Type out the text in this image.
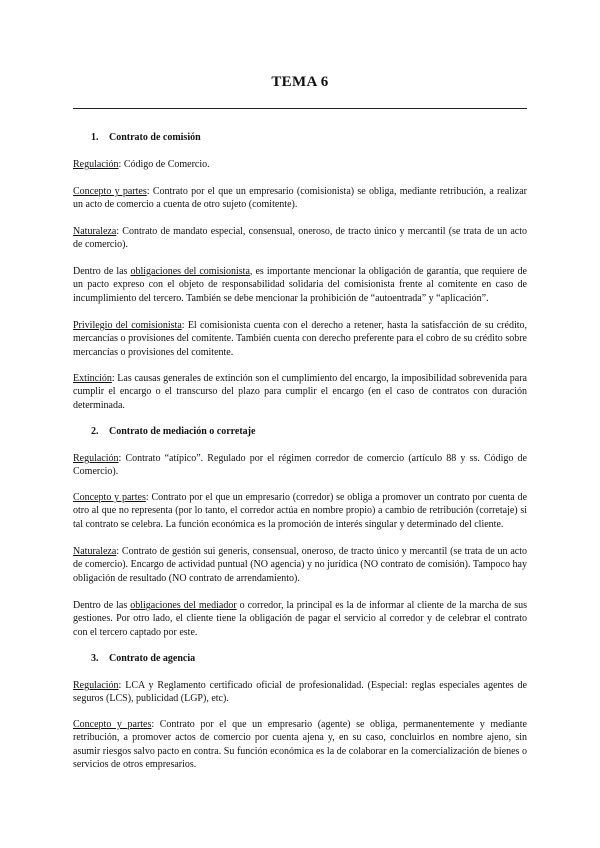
TEMA 6
1. Contrato de comisión

Regulación: Código de Comercio.

Concepto y partes: Contrato por el que un empresario (comisionista) se obliga, mediante retribución, a realizar un acto de comercio a cuenta de otro sujeto (comitente).

Naturaleza: Contrato de mandato especial, consensual, oneroso, de tracto único y mercantil (se trata de un acto de comercio).

Dentro de las obligaciones del comisionista, es importante mencionar la obligación de garantía, que requiere de un pacto expreso con el objeto de responsabilidad solidaria del comisionista frente al comitente en caso de incumplimiento del tercero. También se debe mencionar la prohibición de “autoentrada” y “aplicación”.

Privilegio del comisionista: El comisionista cuenta con el derecho a retener, hasta la satisfacción de su crédito, mercancías o provisiones del comitente. También cuenta con derecho preferente para el cobro de su crédito sobre mercancías o provisiones del comitente.

Extinción: Las causas generales de extinción son el cumplimiento del encargo, la imposibilidad sobrevenida para cumplir el encargo o el transcurso del plazo para cumplir el encargo (en el caso de contratos con duración determinada.

2. Contrato de mediación o corretaje

Regulación: Contrato “atípico”. Regulado por el régimen corredor de comercio (artículo 88 y ss. Código de Comercio).

Concepto y partes: Contrato por el que un empresario (corredor) se obliga a promover un contrato por cuenta de otro al que no representa (por lo tanto, el corredor actúa en nombre propio) a cambio de retribución (corretaje) si tal contrato se celebra. La función económica es la promoción de interés singular y determinado del cliente.

Naturaleza: Contrato de gestión sui generis, consensual, oneroso, de tracto único y mercantil (se trata de un acto de comercio). Encargo de actividad puntual (NO agencia) y no jurídica (NO contrato de comisión). Tampoco hay obligación de resultado (NO contrato de arrendamiento).

Dentro de las obligaciones del mediador o corredor, la principal es la de informar al cliente de la marcha de sus gestiones. Por otro lado, el cliente tiene la obligación de pagar el servicio al corredor y de celebrar el contrato con el tercero captado por este.

3. Contrato de agencia

Regulación: LCA y Reglamento certificado oficial de profesionalidad. (Especial: reglas especiales agentes de seguros (LCS), publicidad (LGP), etc).

Concepto y partes: Contrato por el que un empresario (agente) se obliga, permanentemente y mediante retribución, a promover actos de comercio por cuenta ajena y, en su caso, concluirlos en nombre ajeno, sin asumir riesgos salvo pacto en contra. Su función económica es la de colaborar en la comercialización de bienes o servicios de otros empresarios.
